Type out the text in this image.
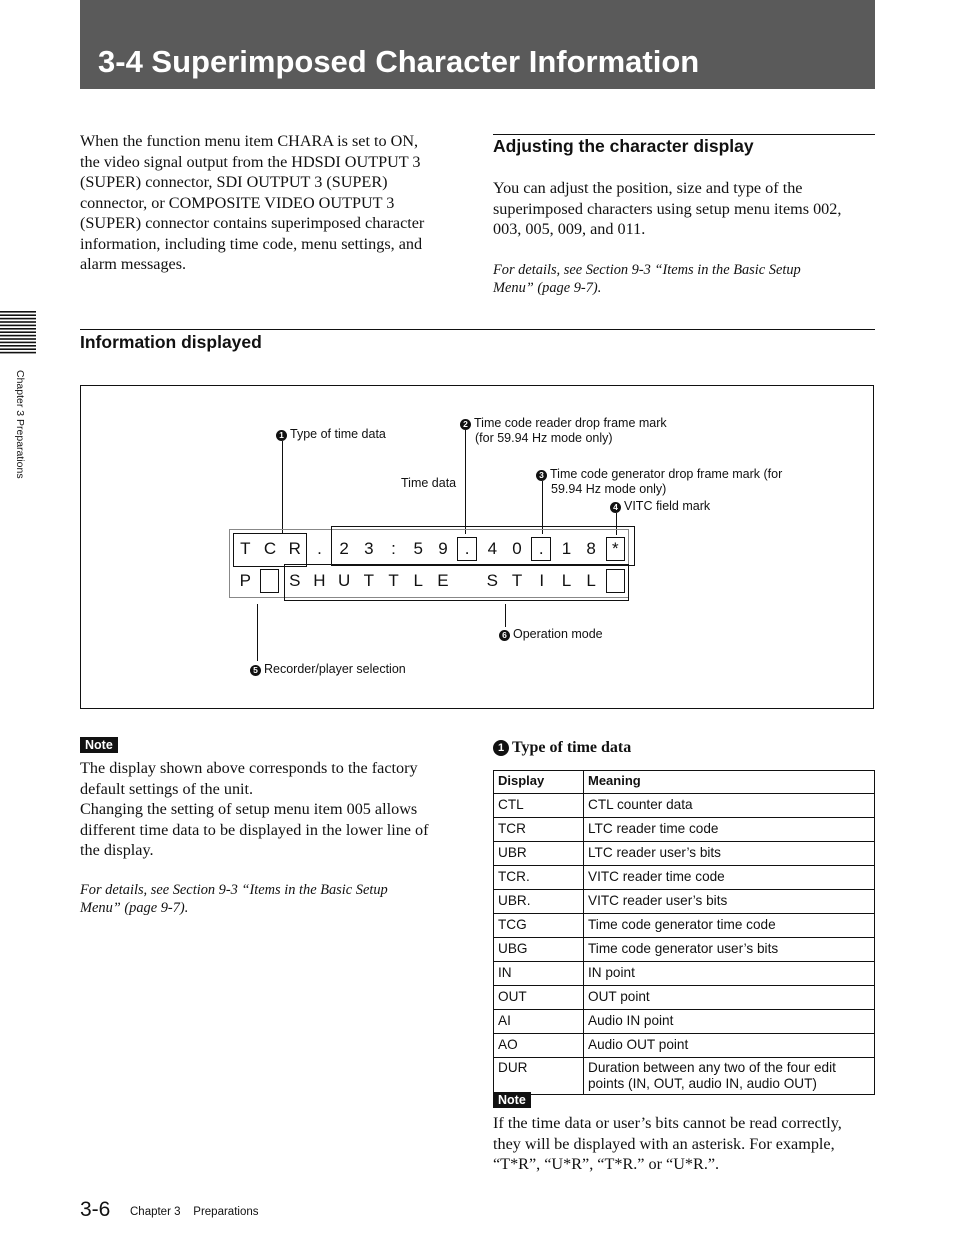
3-4 Superimposed Character Information
Chapter 3 Preparations
When the function menu item CHARA is set to ON,
the video signal output from the HDSDI OUTPUT 3
(SUPER) connector, SDI OUTPUT 3 (SUPER)
connector, or COMPOSITE VIDEO OUTPUT 3
(SUPER) connector contains superimposed character
information, including time code, menu settings, and
alarm messages.
Adjusting the character display
You can adjust the position, size and type of the
superimposed characters using setup menu items 002,
003, 005, 009, and 011.
For details, see Section 9-3 “Items in the Basic Setup
Menu” (page 9-7).
Information displayed
1 Type of time data
2 Time code reader drop frame mark
(for 59.94 Hz mode only)
Time data
3 Time code generator drop frame mark (for
59.94 Hz mode only)
4 VITC field mark
6 Operation mode
5 Recorder/player selection
T C R .	2 3	:	5 9	.	4 0	.	1 8 *
P	S H U T T L E	S T	I	L L
Note
The display shown above corresponds to the factory
default settings of the unit.
Changing the setting of setup menu item 005 allows
different time data to be displayed in the lower line of
the display.
For details, see Section 9-3 “Items in the Basic Setup
Menu” (page 9-7).
1 Type of time data
Display	Meaning
CTL	CTL counter data
TCR	LTC reader time code
UBR	LTC reader user’s bits
TCR.	VITC reader time code
UBR.	VITC reader user’s bits
TCG	Time code generator time code
UBG	Time code generator user’s bits
IN	IN point
OUT	OUT point
AI	Audio IN point
AO	Audio OUT point
DUR	Duration between any two of the four edit
points (IN, OUT, audio IN, audio OUT)
Note
If the time data or user’s bits cannot be read correctly,
they will be displayed with an asterisk. For example,
“T*R”, “U*R”, “T*R.” or “U*R.”.
3-6 Chapter 3    Preparations
